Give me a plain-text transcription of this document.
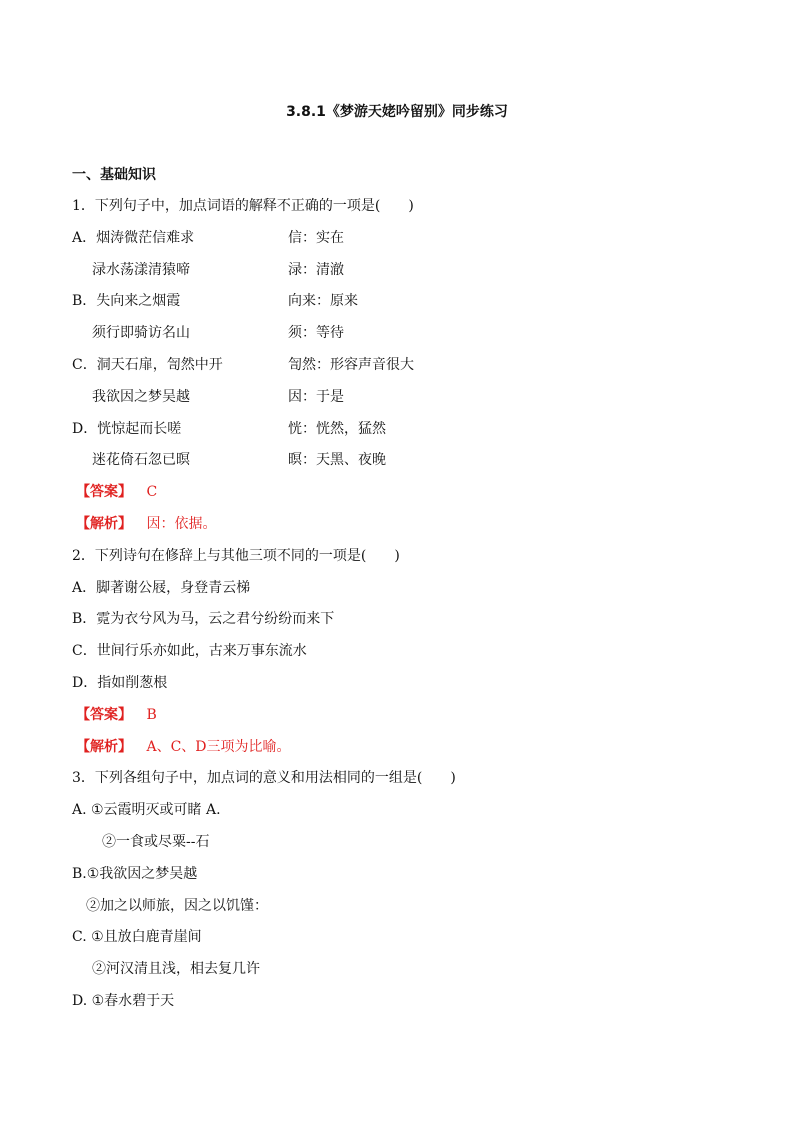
3.8.1《梦游天姥吟留别》同步练习
一、基础知识
1．下列句子中，加点词语的解释不正确的一项是(　　)
A．烟涛微茫信难求	信：实在
渌水荡漾清猿啼	渌：清澈
B．失向来之烟霞	向来：原来
须行即骑访名山	须：等待
C．洞天石扉，訇然中开	訇然：形容声音很大
我欲因之梦吴越	因：于是
D．恍惊起而长嗟	恍：恍然，猛然
迷花倚石忽已暝	暝：天黑、夜晚
【答案】 C
【解析】 因：依据。
2．下列诗句在修辞上与其他三项不同的一项是(　　)
A．脚著谢公屐，身登青云梯
B．霓为衣兮风为马，云之君兮纷纷而来下
C．世间行乐亦如此，古来万事东流水
D．指如削葱根
【答案】 B
【解析】 A、C、D三项为比喻。
3．下列各组句子中，加点词的意义和用法相同的一组是(　　)
A. ①云霞明灭或可睹 A.
②一食或尽粟--石
B.①我欲因之梦吴越
②加之以师旅，因之以饥馑：
C. ①且放白鹿青崖间
②河汉清且浅，相去复几许
D. ①春水碧于天
